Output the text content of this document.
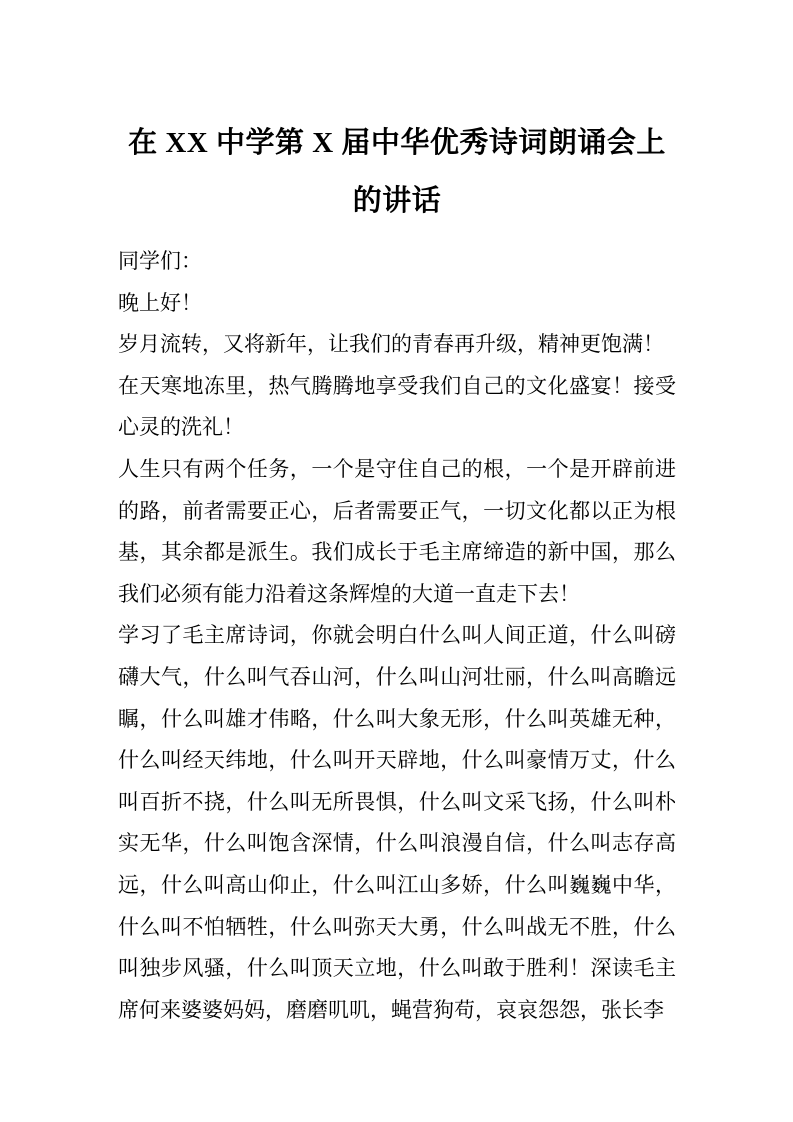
在 XX 中学第 X 届中华优秀诗词朗诵会上的讲话

同学们：

晚上好！

岁月流转，又将新年，让我们的青春再升级，精神更饱满！

在天寒地冻里，热气腾腾地享受我们自己的文化盛宴！接受心灵的洗礼！

人生只有两个任务，一个是守住自己的根，一个是开辟前进的路，前者需要正心，后者需要正气，一切文化都以正为根基，其余都是派生。我们成长于毛主席缔造的新中国，那么我们必须有能力沿着这条辉煌的大道一直走下去！

学习了毛主席诗词，你就会明白什么叫人间正道，什么叫磅礴大气，什么叫气吞山河，什么叫山河壮丽，什么叫高瞻远瞩，什么叫雄才伟略，什么叫大象无形，什么叫英雄无种，什么叫经天纬地，什么叫开天辟地，什么叫豪情万丈，什么叫百折不挠，什么叫无所畏惧，什么叫文采飞扬，什么叫朴实无华，什么叫饱含深情，什么叫浪漫自信，什么叫志存高远，什么叫高山仰止，什么叫江山多娇，什么叫巍巍中华，什么叫不怕牺牲，什么叫弥天大勇，什么叫战无不胜，什么叫独步风骚，什么叫顶天立地，什么叫敢于胜利！深读毛主席何来婆婆妈妈，磨磨叽叽，蝇营狗苟，哀哀怨怨，张长李
